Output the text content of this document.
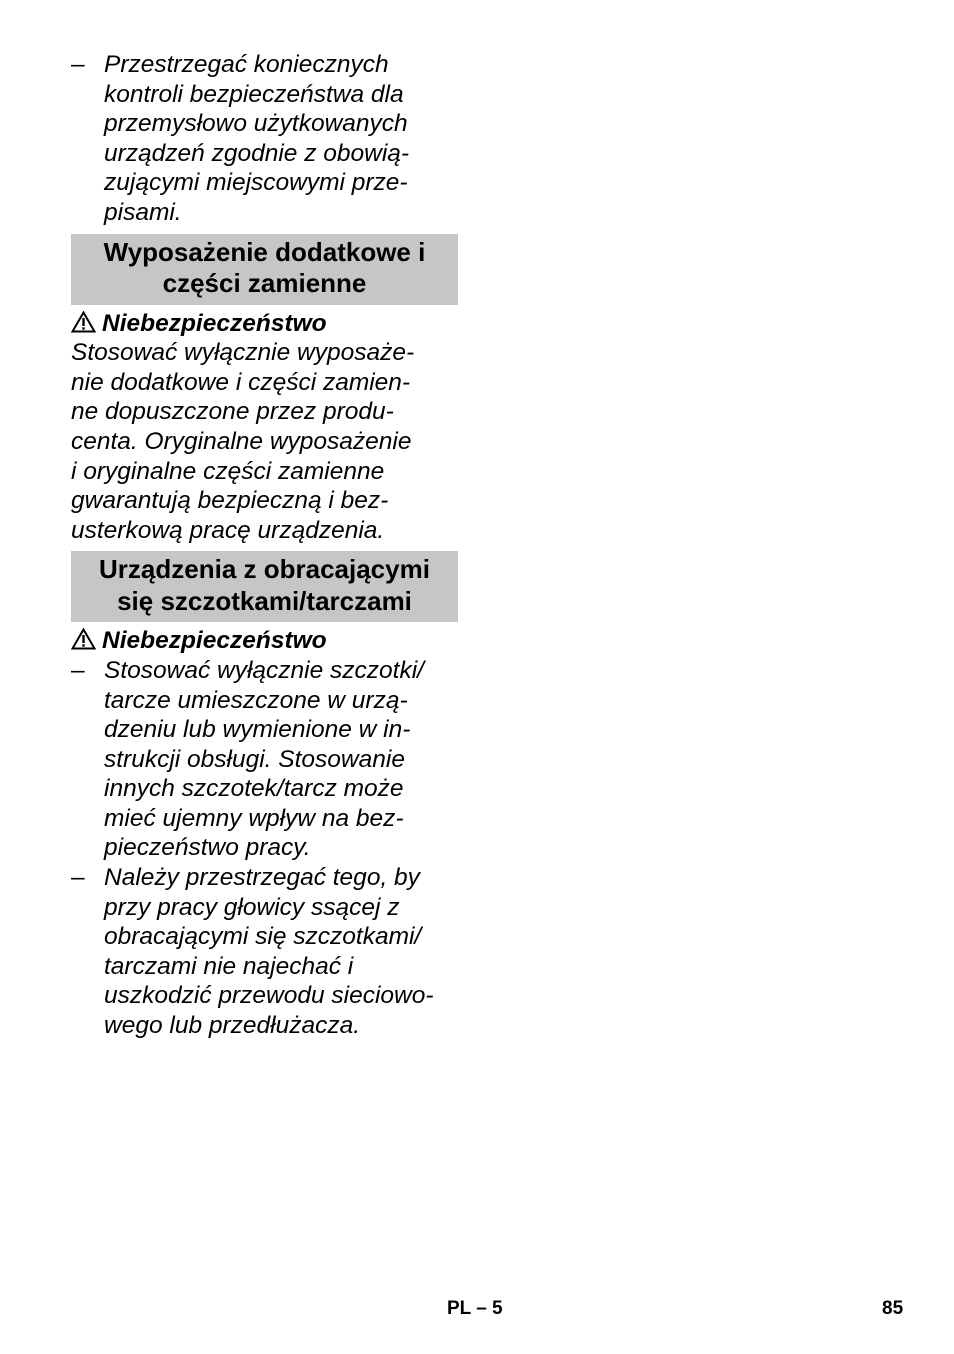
– Przestrzegać koniecznych
kontroli bezpieczeństwa dla
przemysłowo użytkowanych
urządzeń zgodnie z obowią-
zującymi miejscowymi prze-
pisami.
Wyposażenie dodatkowe i
części zamienne
Niebezpieczeństwo
Stosować wyłącznie wyposaże-
nie dodatkowe i części zamien-
ne dopuszczone przez produ-
centa. Oryginalne wyposażenie
i oryginalne części zamienne
gwarantują bezpieczną i bez-
usterkową pracę urządzenia.
Urządzenia z obracającymi
się szczotkami/tarczami
Niebezpieczeństwo
– Stosować wyłącznie szczotki/
tarcze umieszczone w urzą-
dzeniu lub wymienione w in-
strukcji obsługi. Stosowanie
innych szczotek/tarcz może
mieć ujemny wpływ na bez-
pieczeństwo pracy.
– Należy przestrzegać tego, by
przy pracy głowicy ssącej z
obracającymi się szczotkami/
tarczami nie najechać i
uszkodzić przewodu sieciowo-
wego lub przedłużacza.
PL – 5	85
